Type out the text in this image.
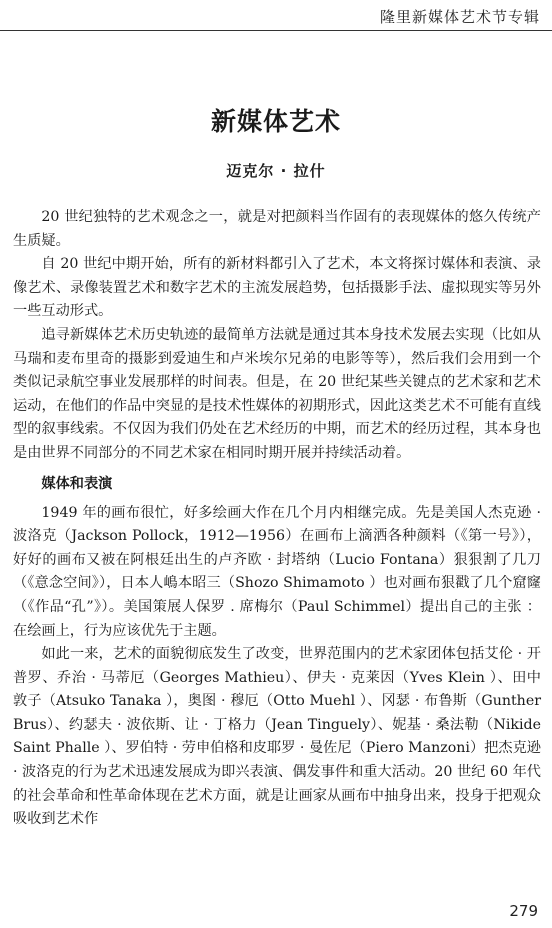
隆里新媒体艺术节专辑
新媒体艺术
迈克尔 · 拉什

20 世纪独特的艺术观念之一，就是对把颜料当作固有的表现媒体的悠久传统产生质疑。

自 20 世纪中期开始，所有的新材料都引入了艺术，本文将探讨媒体和表演、录像艺术、录像装置艺术和数字艺术的主流发展趋势，包括摄影手法、虚拟现实等另外一些互动形式。

追寻新媒体艺术历史轨迹的最简单方法就是通过其本身技术发展去实现（比如从马瑞和麦布里奇的摄影到爱迪生和卢米埃尔兄弟的电影等等），然后我们会用到一个类似记录航空事业发展那样的时间表。但是，在 20 世纪某些关键点的艺术家和艺术运动，在他们的作品中突显的是技术性媒体的初期形式，因此这类艺术不可能有直线型的叙事线索。不仅因为我们仍处在艺术经历的中期，而艺术的经历过程，其本身也是由世界不同部分的不同艺术家在相同时期开展并持续活动着。

媒体和表演

1949 年的画布很忙，好多绘画大作在几个月内相继完成。先是美国人杰克逊 · 波洛克（Jackson Pollock，1912—1956）在画布上滴洒各种颜料（《第一号》），好好的画布又被在阿根廷出生的卢齐欧 · 封塔纳（Lucio Fontana）狠狠割了几刀（《意念空间》），日本人嶋本昭三（Shozo Shimamoto ）也对画布狠戳了几个窟窿（《作品“孔”》）。美国策展人保罗 . 席梅尔（Paul Schimmel）提出自己的主张 ：在绘画上，行为应该优先于主题。

如此一来，艺术的面貌彻底发生了改变，世界范围内的艺术家团体包括艾伦 · 开普罗、乔治 · 马蒂厄（Georges Mathieu）、伊夫 · 克莱因（Yves Klein ）、田中敦子（Atsuko Tanaka ），奥图 · 穆厄（Otto Muehl ）、冈瑟 · 布鲁斯（Gunther Brus）、约瑟夫 · 波依斯、让 · 丁格力（Jean Tinguely）、妮基 · 桑法勒（Nikide Saint Phalle ）、罗伯特 · 劳申伯格和皮耶罗 · 曼佐尼（Piero Manzoni）把杰克逊 · 波洛克的行为艺术迅速发展成为即兴表演、偶发事件和重大活动。20 世纪 60 年代的社会革命和性革命体现在艺术方面，就是让画家从画布中抽身出来，投身于把观众吸收到艺术作

279
